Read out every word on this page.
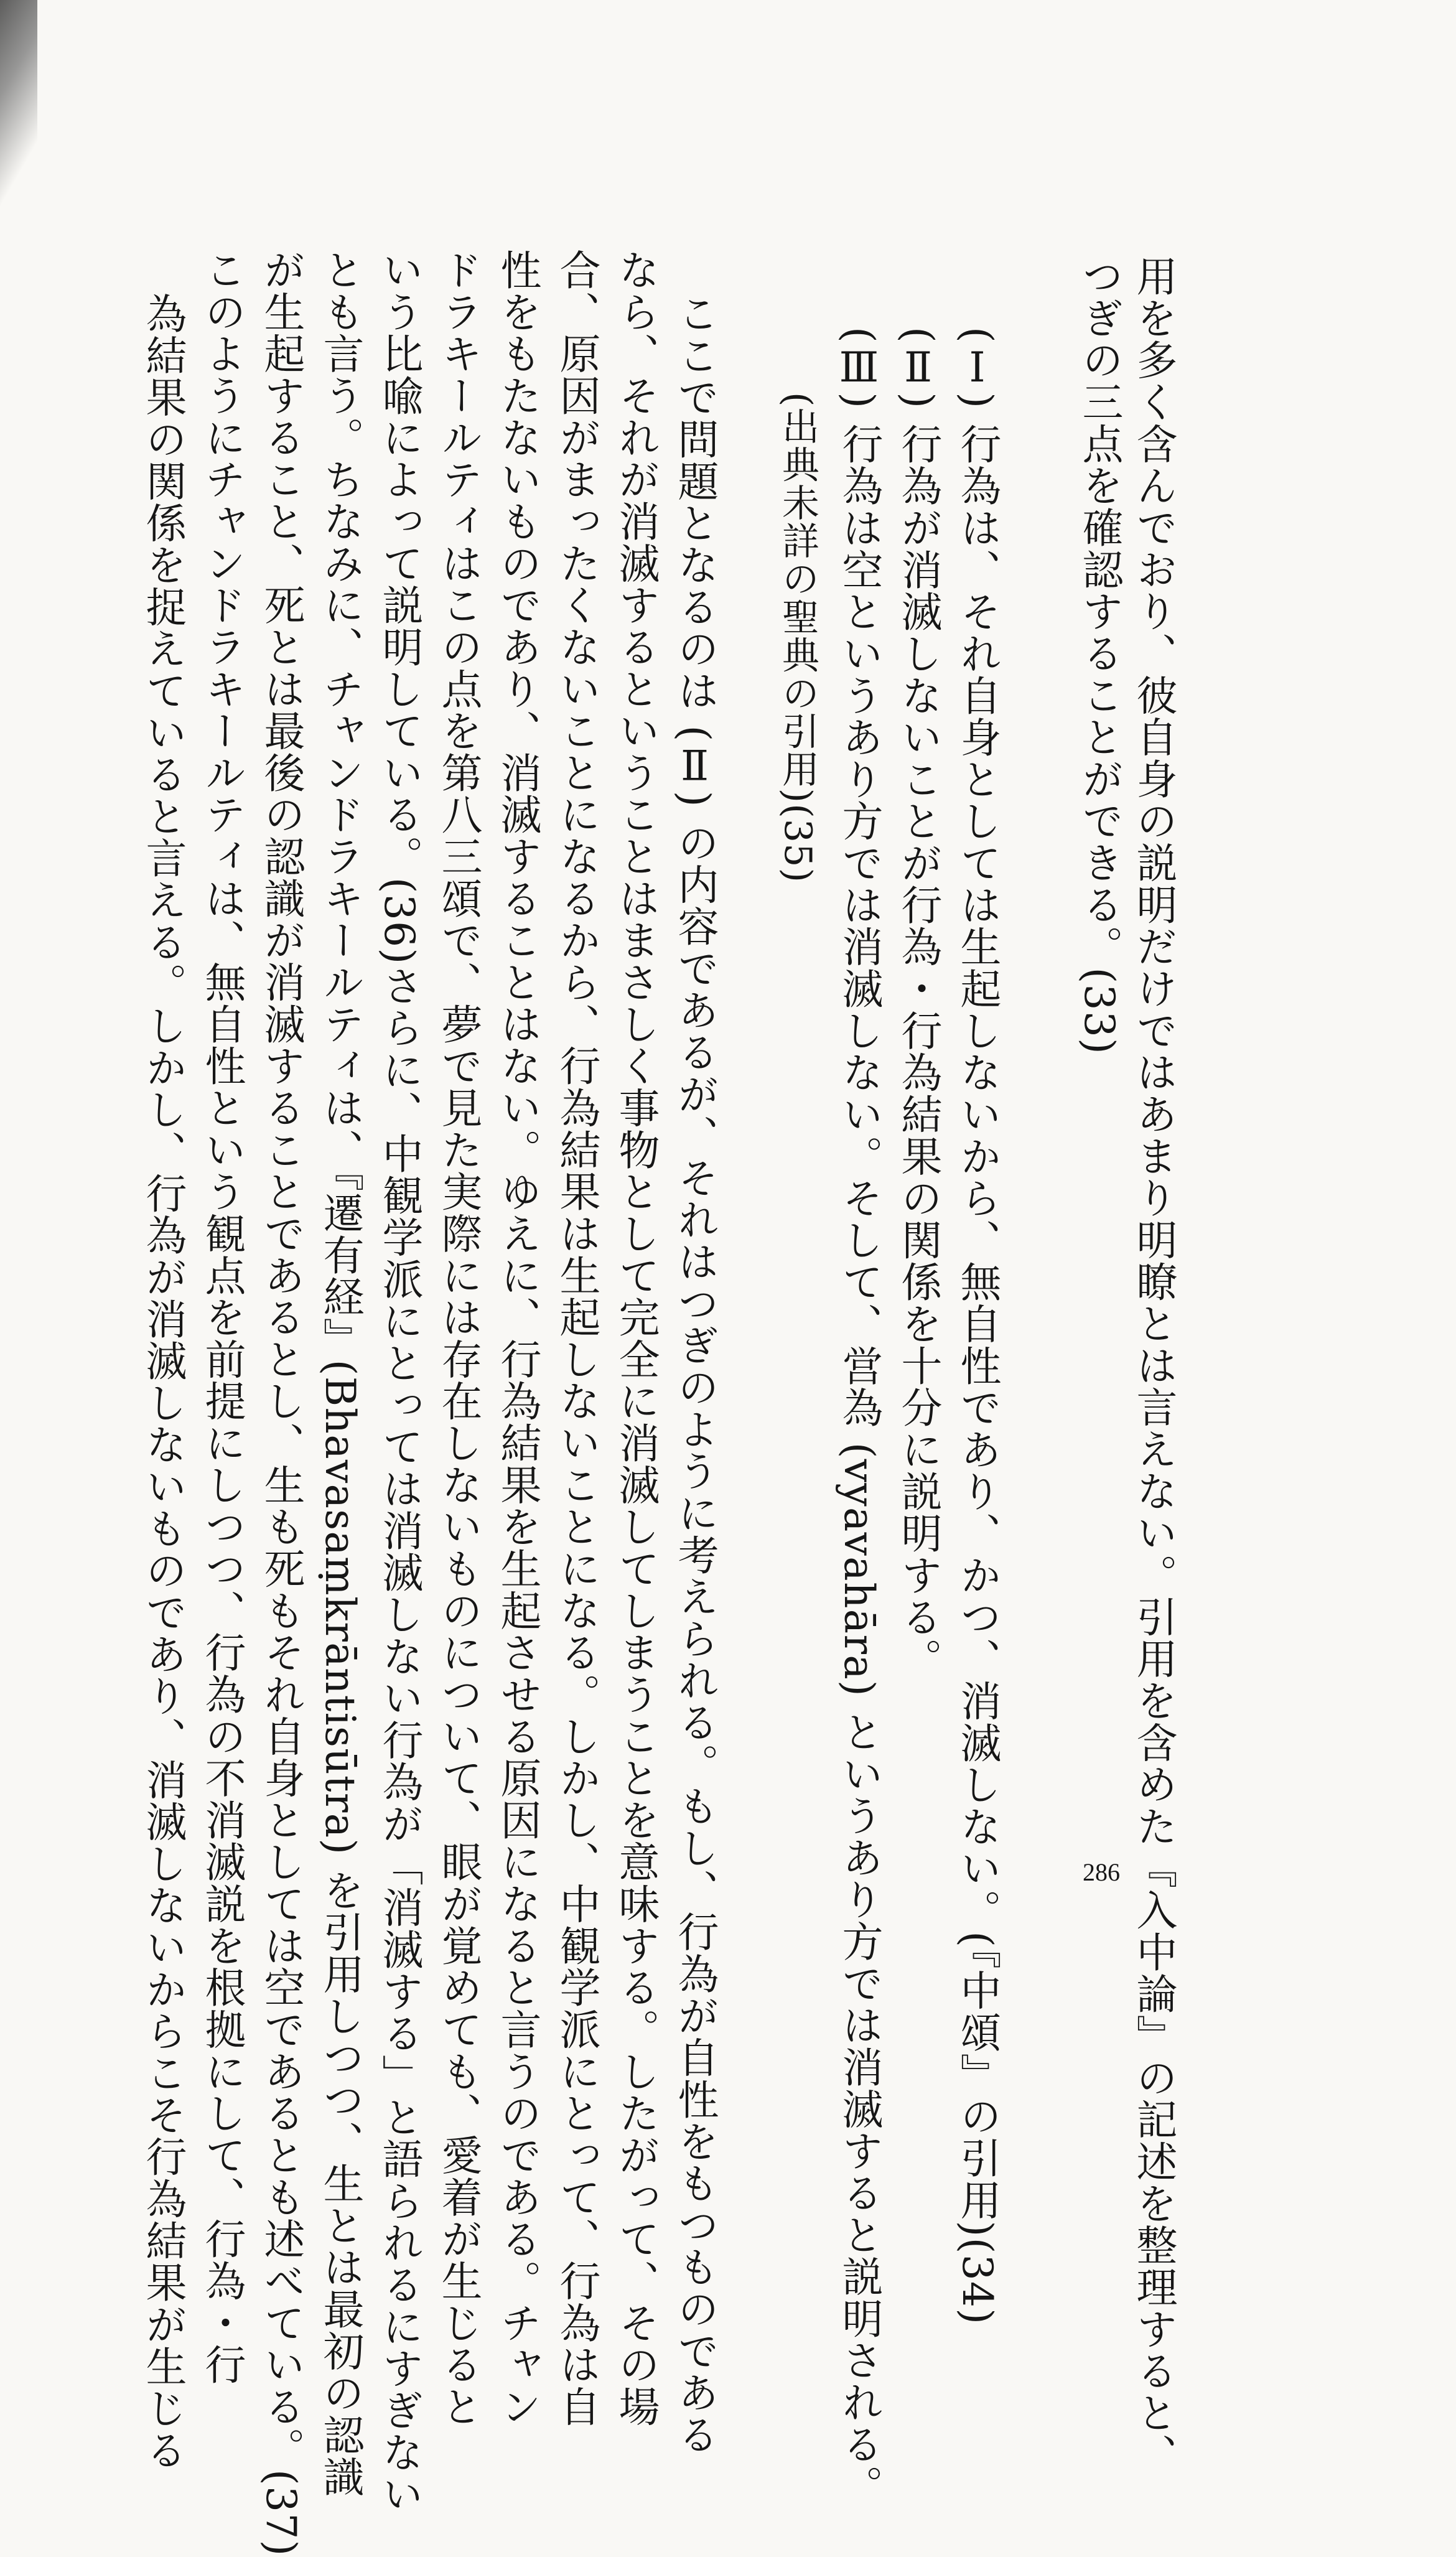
用を多く含んでおり、彼自身の説明だけではあまり明瞭とは言えない。引用を含めた『入中論』の記述を整理すると、
つぎの三点を確認することができる。(33)
(Ⅰ) 行為は、それ自身としては生起しないから、無自性であり、かつ、消滅しない。(『中頌』の引用)(34)
(Ⅱ) 行為が消滅しないことが行為・行為結果の関係を十分に説明する。
(Ⅲ) 行為は空というあり方では消滅しない。そして、営為 (vyavahāra) というあり方では消滅すると説明される。
(出典未詳の聖典の引用)(35)
ここで問題となるのは (Ⅱ) の内容であるが、それはつぎのように考えられる。もし、行為が自性をもつものである
なら、それが消滅するということはまさしく事物として完全に消滅してしまうことを意味する。したがって、その場
合、原因がまったくないことになるから、行為結果は生起しないことになる。しかし、中観学派にとって、行為は自
性をもたないものであり、消滅することはない。ゆえに、行為結果を生起させる原因になると言うのである。チャン
ドラキールティはこの点を第八三頌で、夢で見た実際には存在しないものについて、眼が覚めても、愛着が生じると
いう比喩によって説明している。(36)さらに、中観学派にとっては消滅しない行為が「消滅する」と語られるにすぎない
とも言う。ちなみに、チャンドラキールティは、『遷有経』(Bhavasaṃkrāntisūtra) を引用しつつ、生とは最初の認識
が生起すること、死とは最後の認識が消滅することであるとし、生も死もそれ自身としては空であるとも述べている。(37)
このようにチャンドラキールティは、無自性という観点を前提にしつつ、行為の不消滅説を根拠にして、行為・行
為結果の関係を捉えていると言える。しかし、行為が消滅しないものであり、消滅しないからこそ行為結果が生じる	286
